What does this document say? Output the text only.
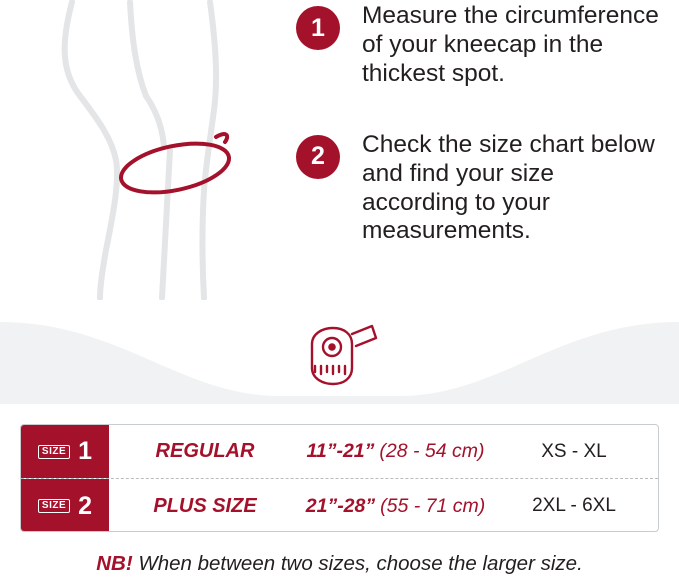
1	Measure the circumference of your kneecap in the thickest spot.
2	Check the size chart below and find your size according to your measurements.
SIZE 1	REGULAR	11”-21” (28 - 54 cm)	XS - XL
SIZE 2	PLUS SIZE	21”-28” (55 - 71 cm)	2XL - 6XL
NB! When between two sizes, choose the larger size.
